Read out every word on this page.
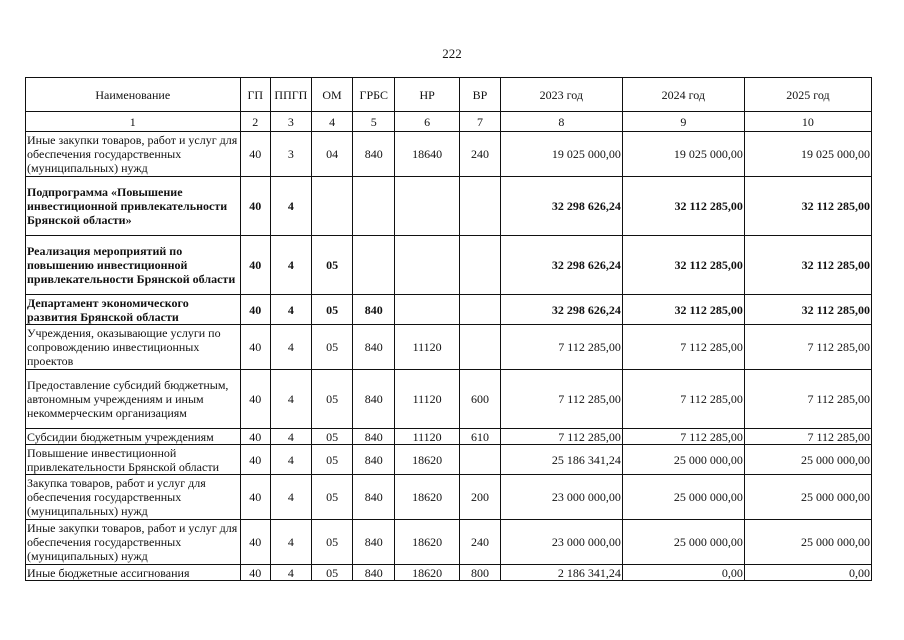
222
Наименование	ГП	ППГП	ОМ	ГРБС	НР	ВР	2023 год	2024 год	2025 год
1	2	3	4	5	6	7	8	9	10
Иные закупки товаров, работ и услуг для обеспечения государственных (муниципальных) нужд	40	3	04	840	18640	240	19 025 000,00	19 025 000,00	19 025 000,00
Подпрограмма «Повышение инвестиционной привлекательности Брянской области»	40	4					32 298 626,24	32 112 285,00	32 112 285,00
Реализация мероприятий по повышению инвестиционной привлекательности Брянской области	40	4	05				32 298 626,24	32 112 285,00	32 112 285,00
Департамент экономического развития Брянской области	40	4	05	840			32 298 626,24	32 112 285,00	32 112 285,00
Учреждения, оказывающие услуги по сопровождению инвестиционных проектов	40	4	05	840	11120		7 112 285,00	7 112 285,00	7 112 285,00
Предоставление субсидий бюджетным, автономным учреждениям и иным некоммерческим организациям	40	4	05	840	11120	600	7 112 285,00	7 112 285,00	7 112 285,00
Субсидии бюджетным учреждениям	40	4	05	840	11120	610	7 112 285,00	7 112 285,00	7 112 285,00
Повышение инвестиционной привлекательности Брянской области	40	4	05	840	18620		25 186 341,24	25 000 000,00	25 000 000,00
Закупка товаров, работ и услуг для обеспечения государственных (муниципальных) нужд	40	4	05	840	18620	200	23 000 000,00	25 000 000,00	25 000 000,00
Иные закупки товаров, работ и услуг для обеспечения государственных (муниципальных) нужд	40	4	05	840	18620	240	23 000 000,00	25 000 000,00	25 000 000,00
Иные бюджетные ассигнования	40	4	05	840	18620	800	2 186 341,24	0,00	0,00
